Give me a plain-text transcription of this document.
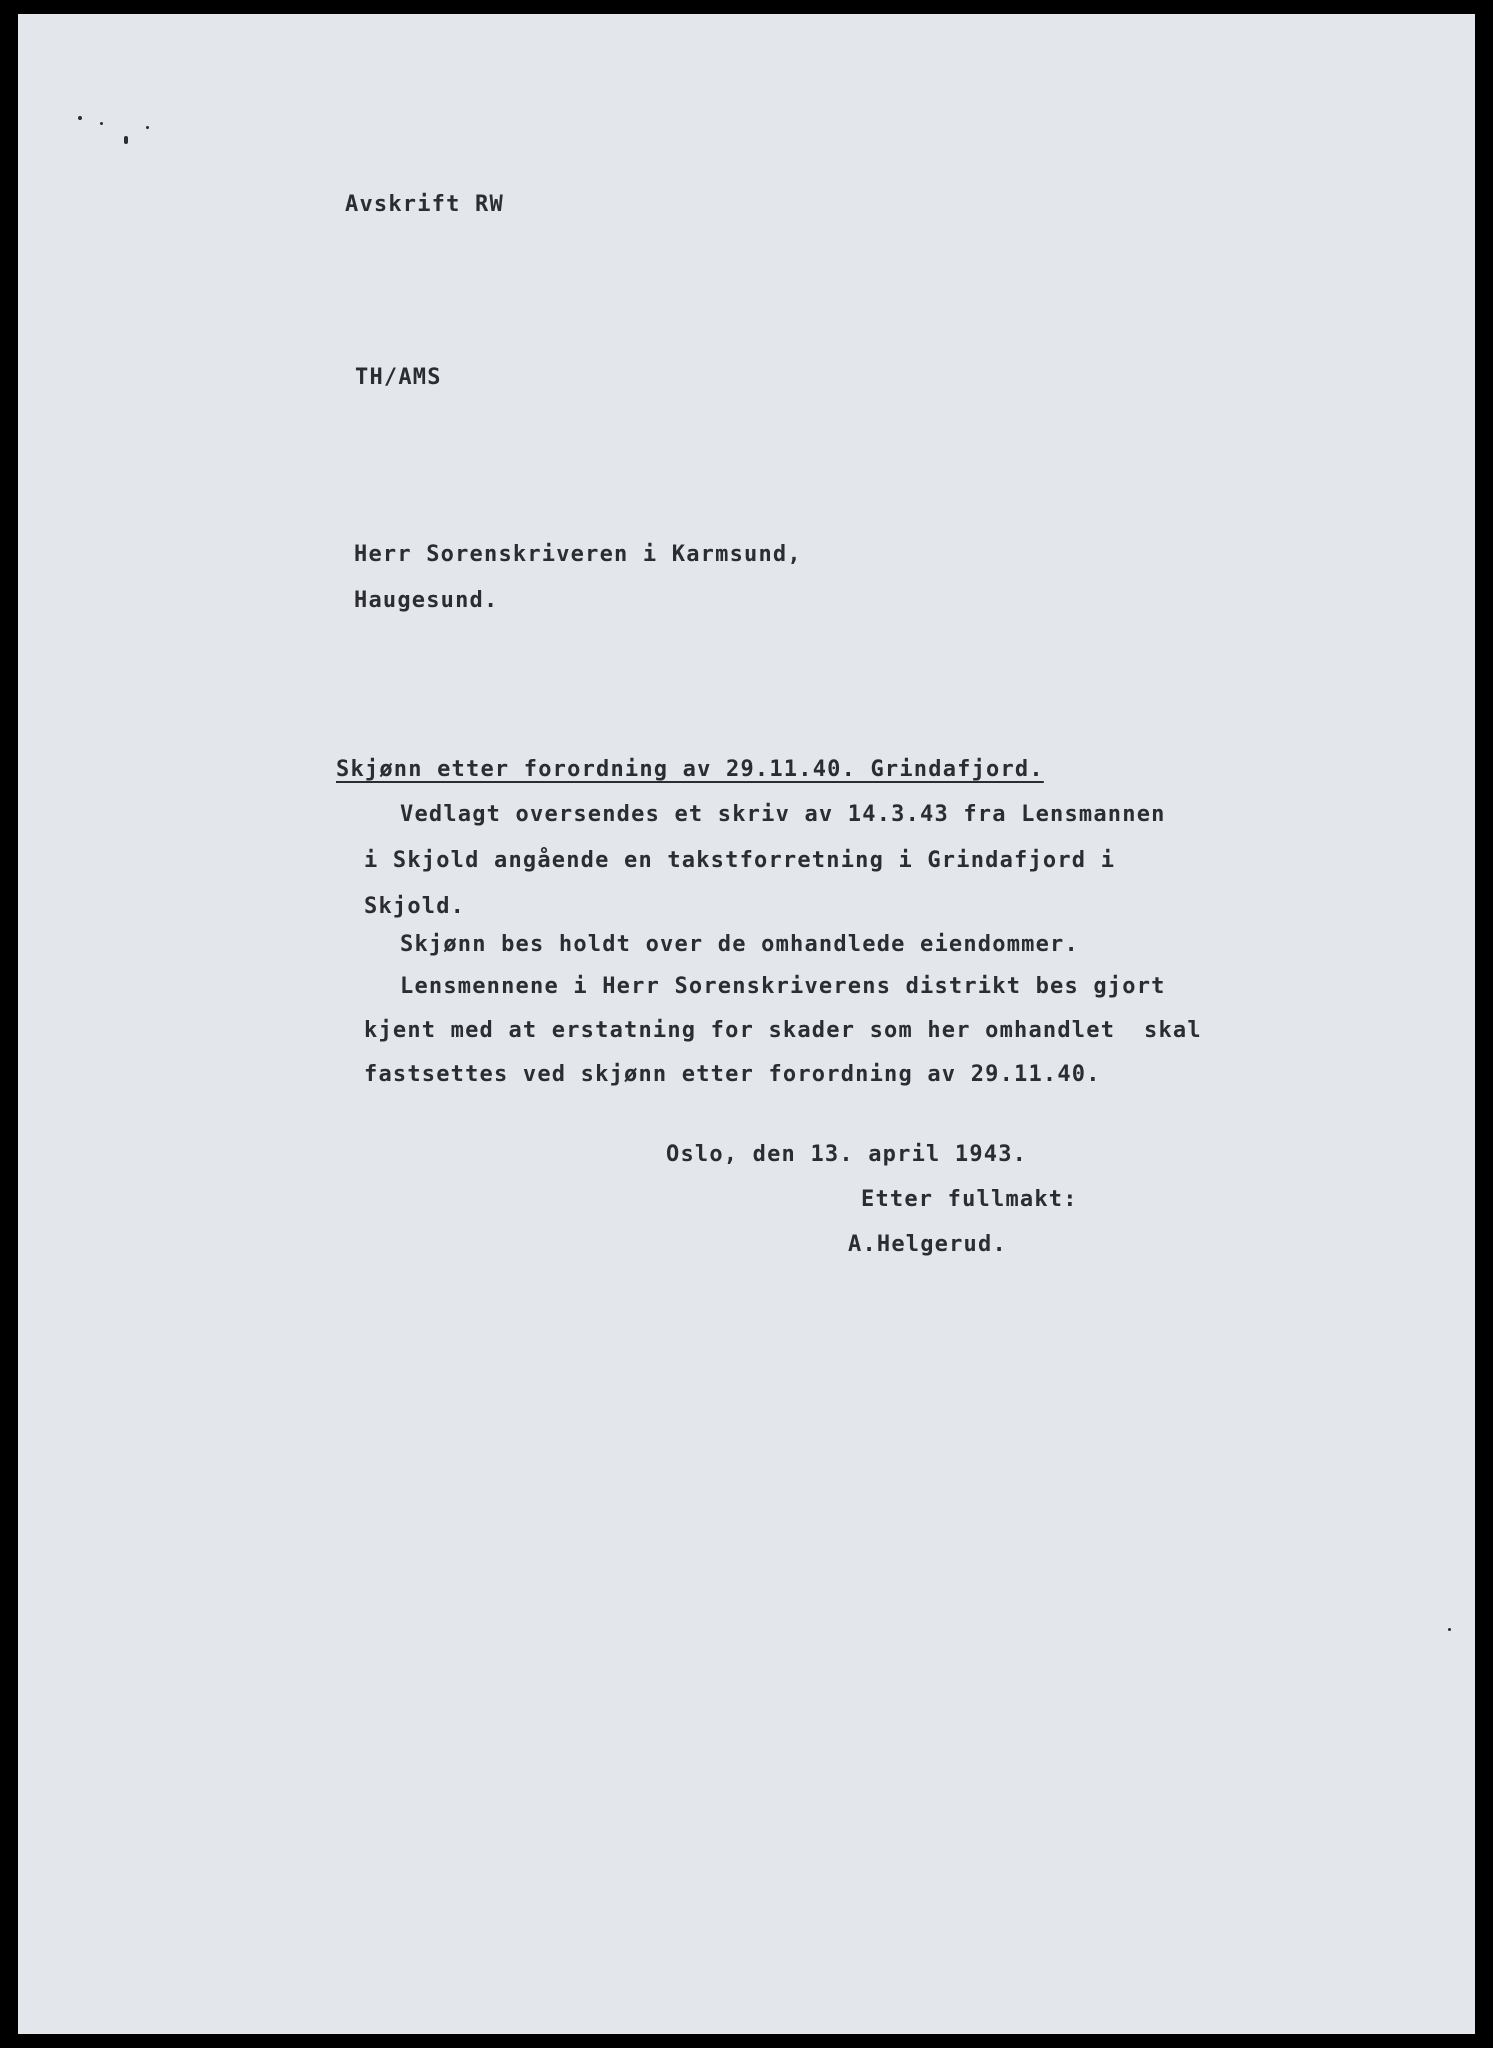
Avskrift RW
TH/AMS
Herr Sorenskriveren i Karmsund,
Haugesund.
Skjønn etter forordning av 29.11.40. Grindafjord.
Vedlagt oversendes et skriv av 14.3.43 fra Lensmannen
i Skjold angående en takstforretning i Grindafjord i
Skjold.
Skjønn bes holdt over de omhandlede eiendommer.
Lensmennene i Herr Sorenskriverens distrikt bes gjort
kjent med at erstatning for skader som her omhandlet  skal
fastsettes ved skjønn etter forordning av 29.11.40.
Oslo, den 13. april 1943.
Etter fullmakt:
A.Helgerud.
